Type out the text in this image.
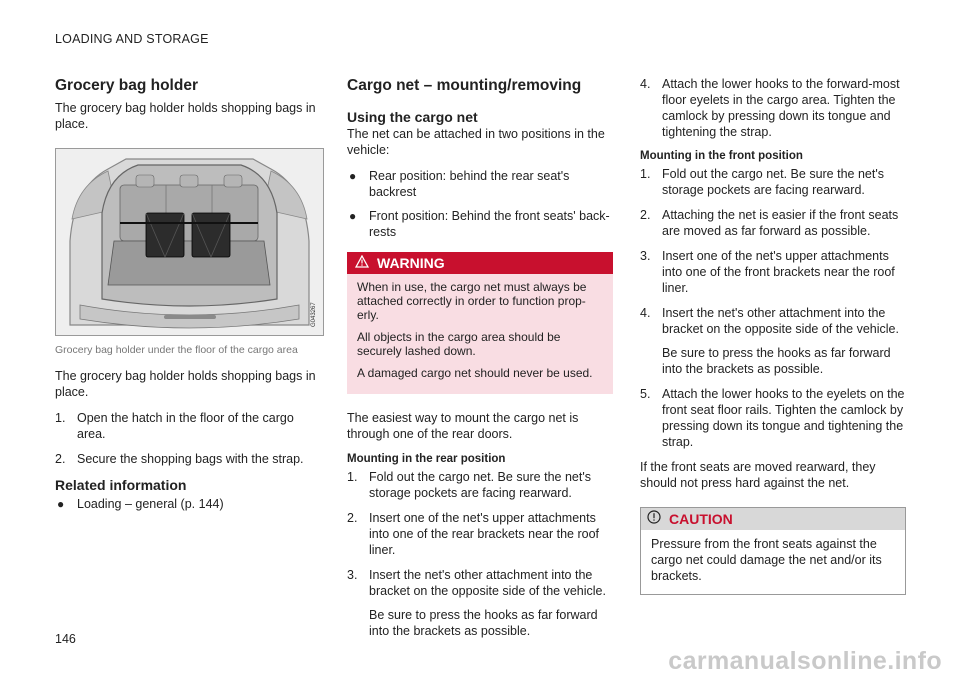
LOADING AND STORAGE
Grocery bag holder

The grocery bag holder holds shopping bags in place.

G043267
Grocery bag holder under the floor of the cargo area

The grocery bag holder holds shopping bags in place.

1. Open the hatch in the floor of the cargo area.
2. Secure the shopping bags with the strap.
Related information
● Loading – general (p. 144)
Cargo net – mounting/removing
Using the cargo net

The net can be attached in two positions in the vehicle:

● Rear position: behind the rear seat's backrest
● Front position: Behind the front seats' back-rests
WARNING

When in use, the cargo net must always be attached correctly in order to function prop-erly.

All objects in the cargo area should be securely lashed down.

A damaged cargo net should never be used.

The easiest way to mount the cargo net is through one of the rear doors.

Mounting in the rear position
1. Fold out the cargo net. Be sure the net's storage pockets are facing rearward.
2. Insert one of the net's upper attachments into one of the rear brackets near the roof liner.
3. Insert the net's other attachment into the bracket on the opposite side of the vehicle.
Be sure to press the hooks as far forward into the brackets as possible.
4. Attach the lower hooks to the forward-most floor eyelets in the cargo area. Tighten the camlock by pressing down its tongue and tightening the strap.
Mounting in the front position
1. Fold out the cargo net. Be sure the net's storage pockets are facing rearward.
2. Attaching the net is easier if the front seats are moved as far forward as possible.
3. Insert one of the net's upper attachments into one of the front brackets near the roof liner.
4. Insert the net's other attachment into the bracket on the opposite side of the vehicle.
Be sure to press the hooks as far forward into the brackets as possible.
5. Attach the lower hooks to the eyelets on the front seat floor rails. Tighten the camlock by pressing down its tongue and tightening the strap.

If the front seats are moved rearward, they should not press hard against the net.

CAUTION
Pressure from the front seats against the cargo net could damage the net and/or its brackets.
146
carmanualsonline.info
